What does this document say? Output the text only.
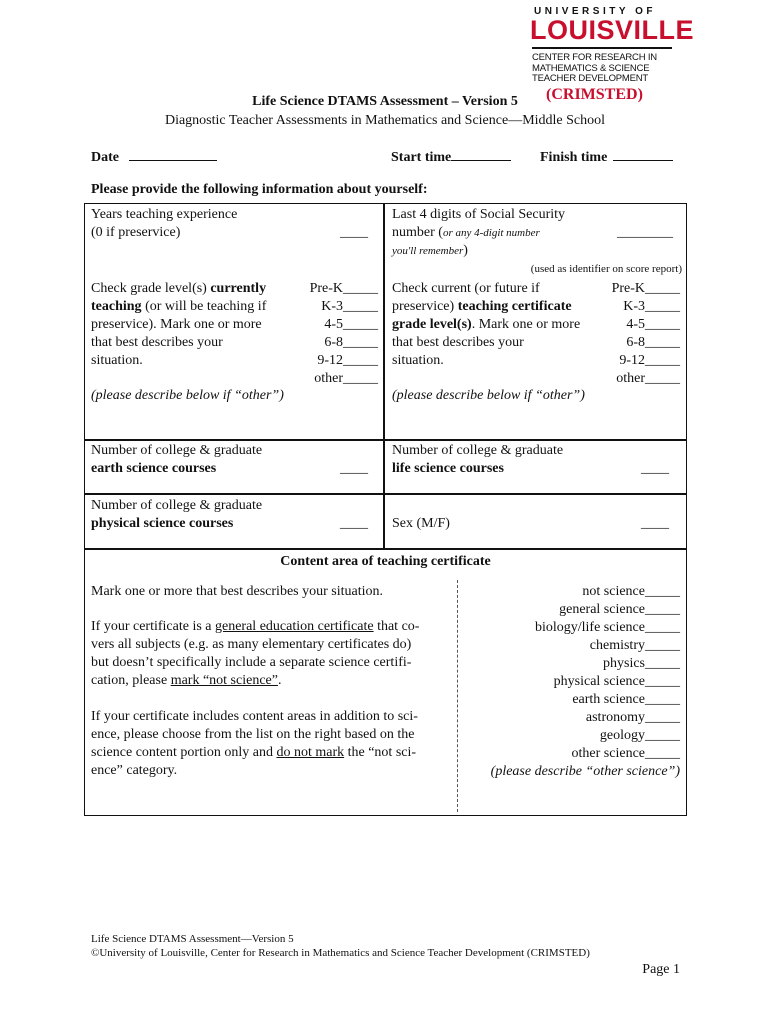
UNIVERSITY OF
LOUISVILLE
CENTER FOR RESEARCH IN
MATHEMATICS & SCIENCE
TEACHER DEVELOPMENT
(CRIMSTED)
Life Science DTAMS Assessment – Version 5
Diagnostic Teacher Assessments in Mathematics and Science—Middle School
Date	Start time	Finish time
Please provide the following information about yourself:
Years teaching experience
(0 if preservice)	____
Last 4 digits of Social Security
number (or any 4-digit number
you'll remember)
________
(used as identifier on score report)
Check grade level(s) currently
teaching (or will be teaching if
preservice). Mark one or more
that best describes your
situation.
Pre-K_____
K-3_____
4-5_____
6-8_____
9-12_____
other_____
(please describe below if “other”)
Check current (or future if
preservice) teaching certificate
grade level(s). Mark one or more
that best describes your
situation.
Pre-K_____
K-3_____
4-5_____
6-8_____
9-12_____
other_____
(please describe below if “other”)
Number of college & graduate
earth science courses	____
Number of college & graduate
life science courses	____
Number of college & graduate
physical science courses	____ Sex (M/F)	____
Content area of teaching certificate
Mark one or more that best describes your situation.
If your certificate is a general education certificate that co-
vers all subjects (e.g. as many elementary certificates do)
but doesn’t specifically include a separate science certifi-
cation, please mark “not science”.
If your certificate includes content areas in addition to sci-
ence, please choose from the list on the right based on the
science content portion only and do not mark the “not sci-
ence” category.
not science_____
general science_____
biology/life science_____
chemistry_____
physics_____
physical science_____
earth science_____
astronomy_____
geology_____
other science_____
(please describe “other science”)
Life Science DTAMS Assessment—Version 5
©University of Louisville, Center for Research in Mathematics and Science Teacher Development (CRIMSTED)
Page 1
